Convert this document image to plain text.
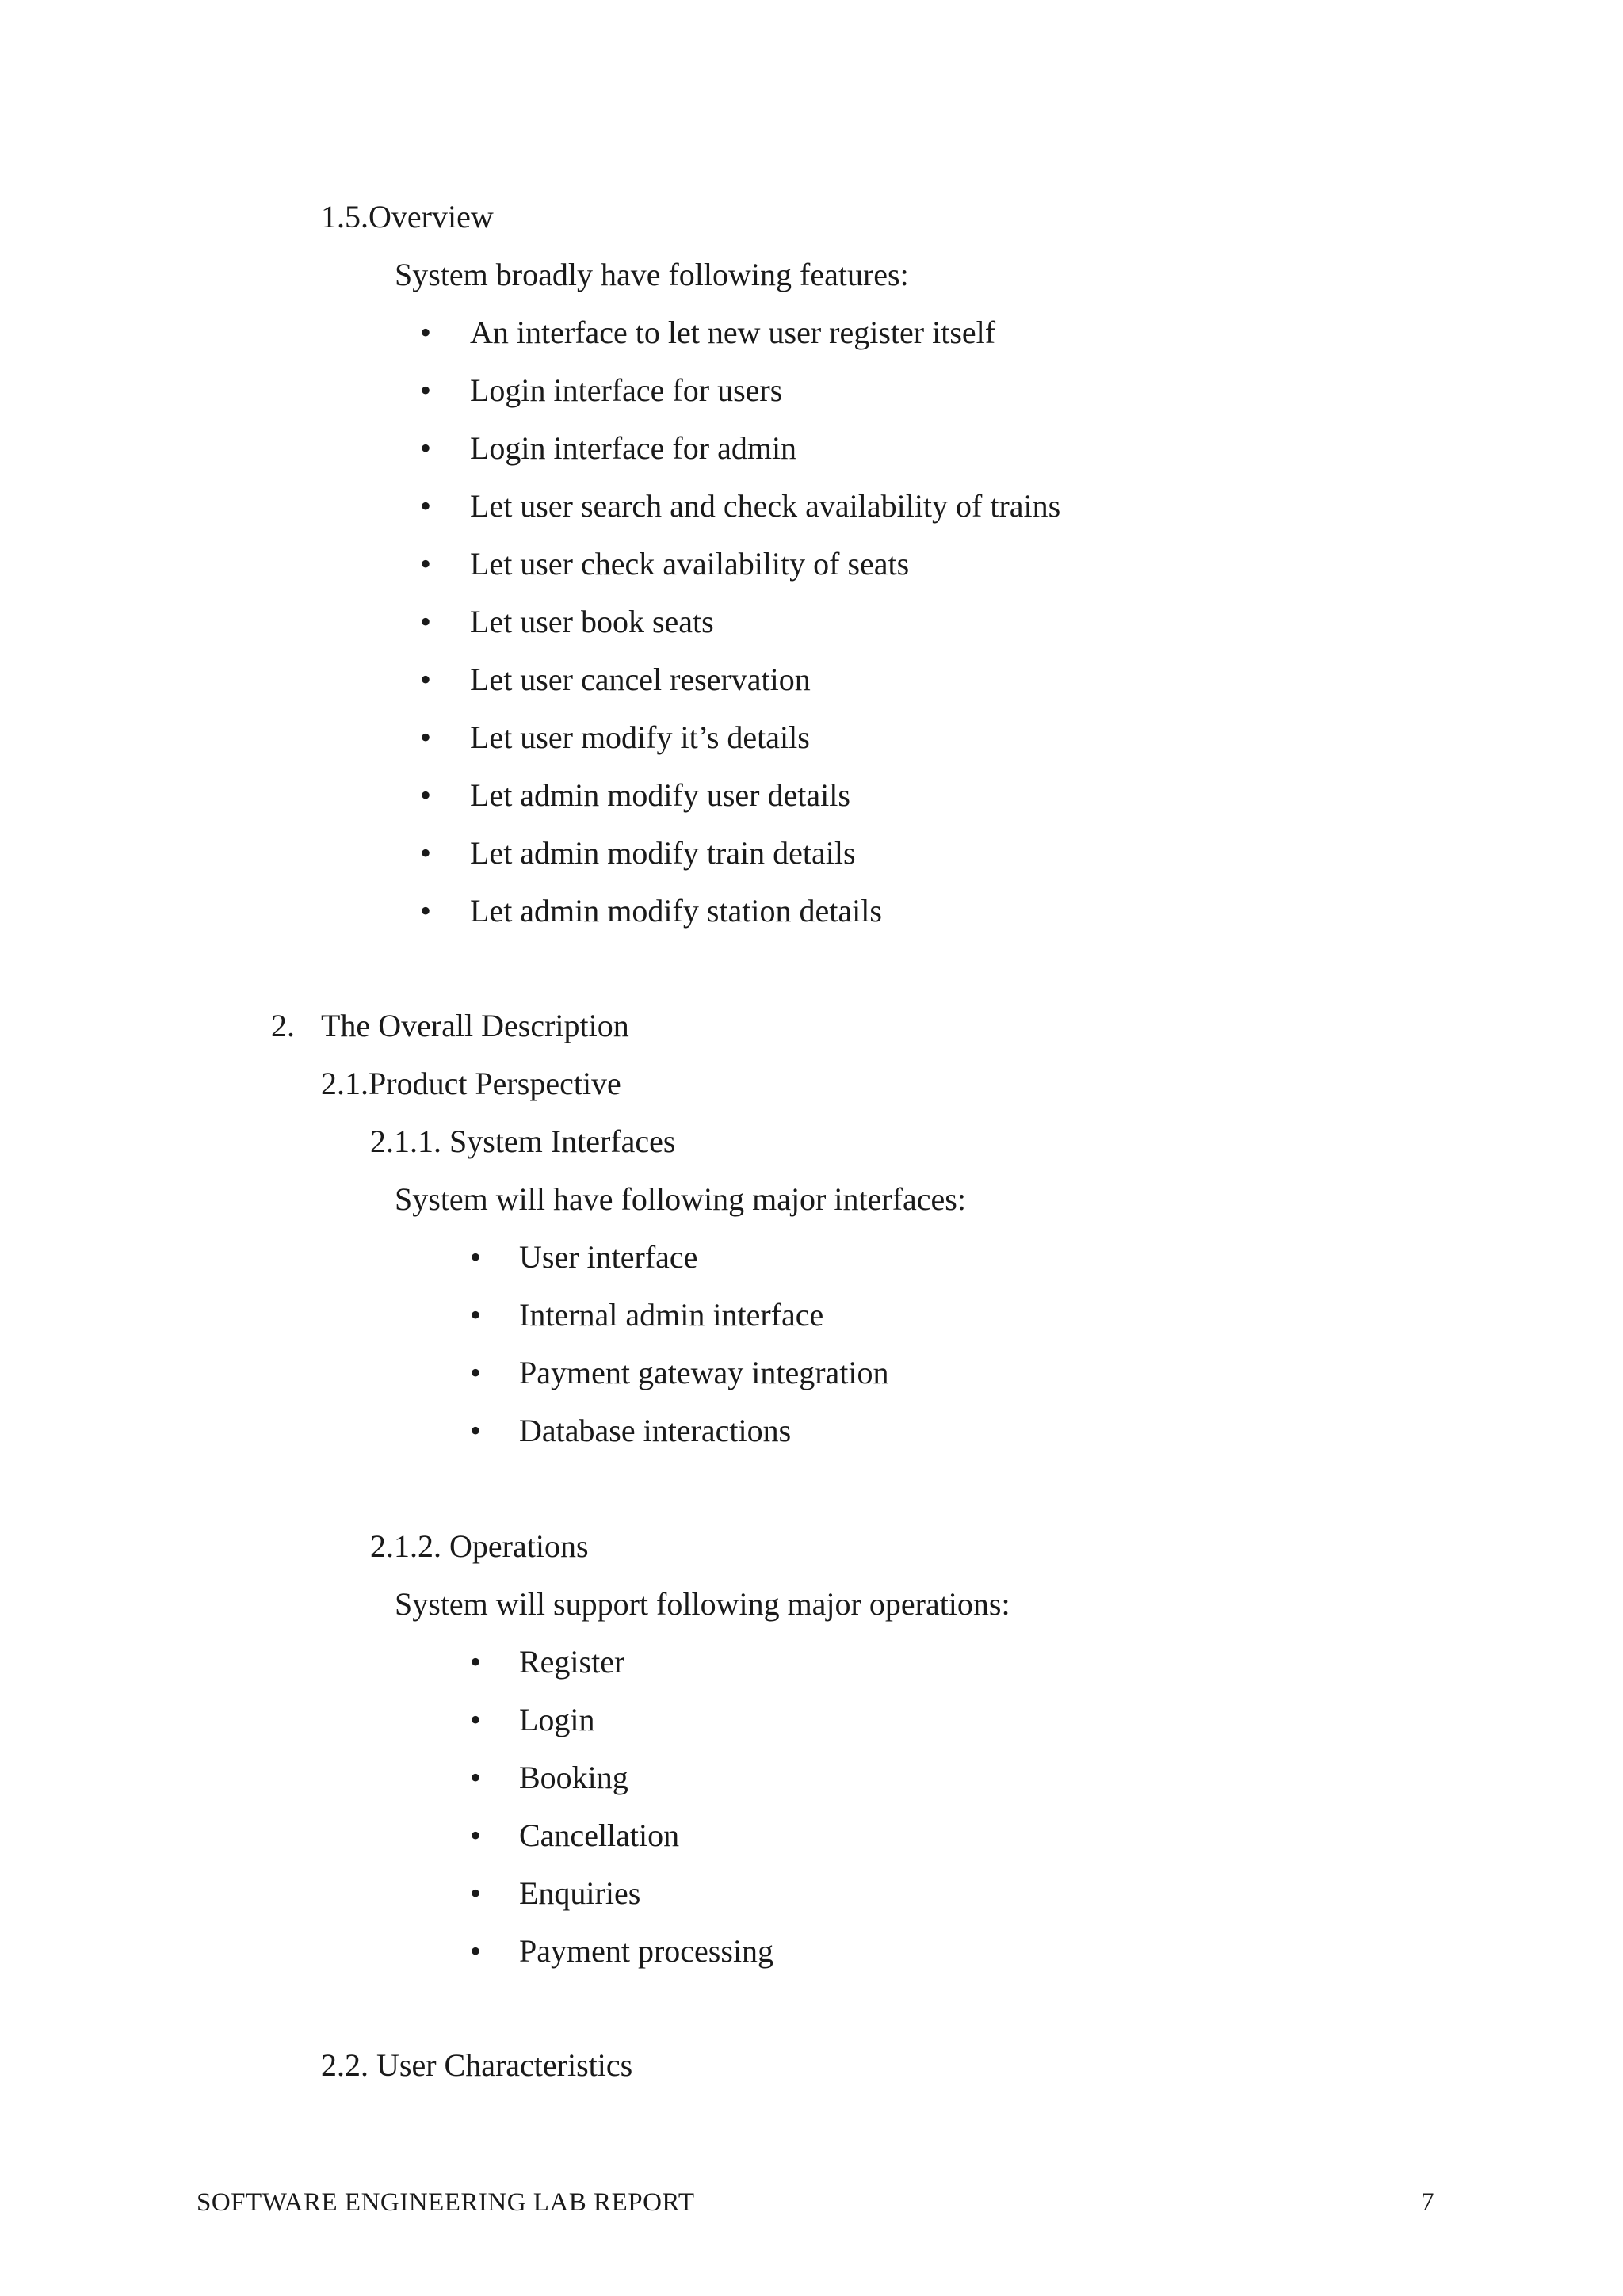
1.5.Overview
System broadly have following features:
• An interface to let new user register itself
• Login interface for users
• Login interface for admin
• Let user search and check availability of trains
• Let user check availability of seats
• Let user book seats
• Let user cancel reservation
• Let user modify it’s details
• Let admin modify user details
• Let admin modify train details
• Let admin modify station details
2. The Overall Description
2.1.Product Perspective
2.1.1. System Interfaces
System will have following major interfaces:
• User interface
• Internal admin interface
• Payment gateway integration
• Database interactions
2.1.2. Operations
System will support following major operations:
• Register
• Login
• Booking
• Cancellation
• Enquiries
• Payment processing
2.2. User Characteristics
SOFTWARE ENGINEERING LAB REPORT	7
